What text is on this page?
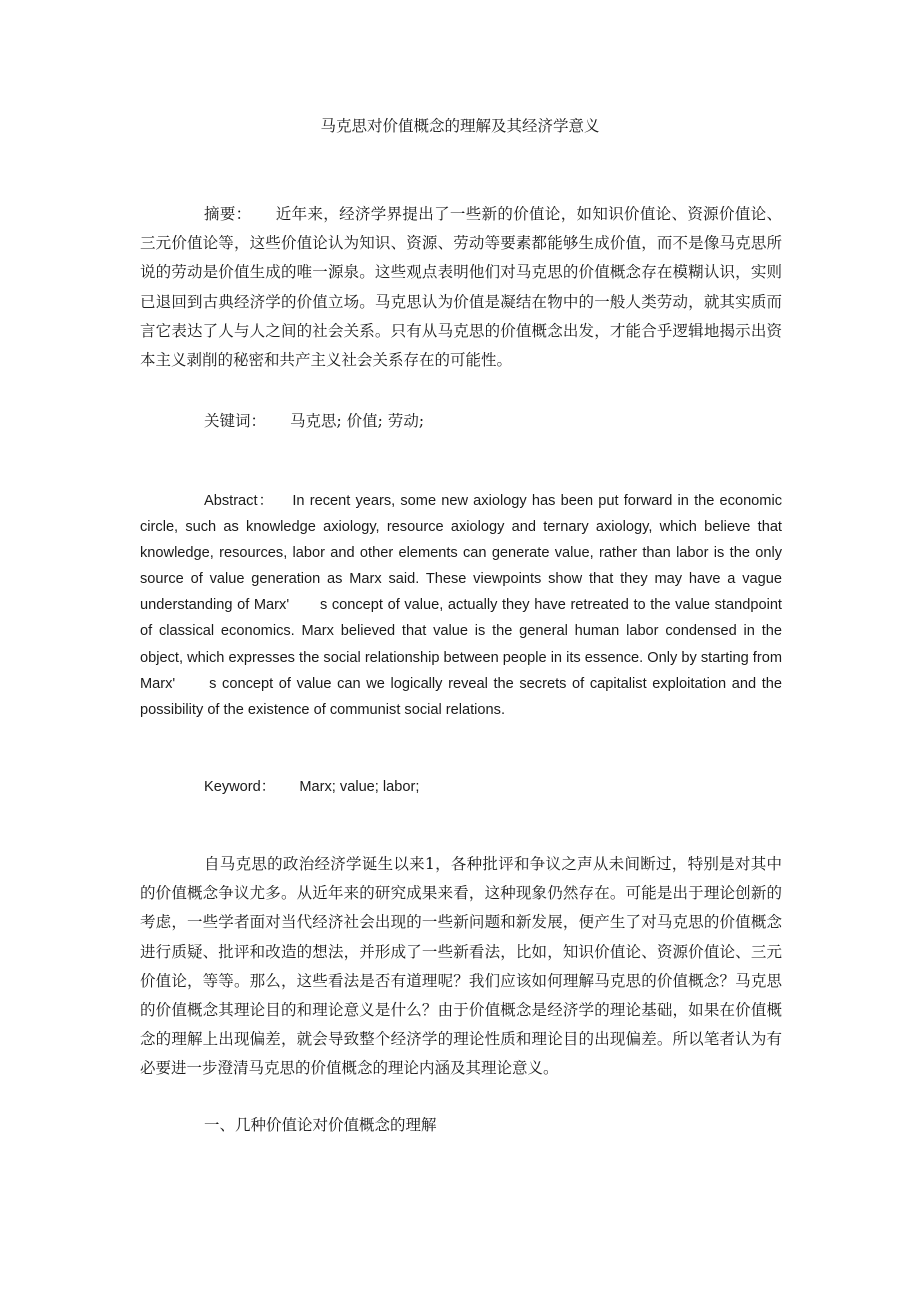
马克思对价值概念的理解及其经济学意义

摘要： 近年来，经济学界提出了一些新的价值论，如知识价值论、资源价值论、三元价值论等，这些价值论认为知识、资源、劳动等要素都能够生成价值，而不是像马克思所说的劳动是价值生成的唯一源泉。这些观点表明他们对马克思的价值概念存在模糊认识，实则已退回到古典经济学的价值立场。马克思认为价值是凝结在物中的一般人类劳动，就其实质而言它表达了人与人之间的社会关系。只有从马克思的价值概念出发，才能合乎逻辑地揭示出资本主义剥削的秘密和共产主义社会关系存在的可能性。

关键词： 马克思; 价值; 劳动;

Abstract： In recent years, some new axiology has been put forward in the economic circle, such as knowledge axiology, resource axiology and ternary axiology, which believe that knowledge, resources, labor and other elements can generate value, rather than labor is the only source of value generation as Marx said. These viewpoints show that they may have a vague understanding of Marx'　　s concept of value, actually they have retreated to the value standpoint of classical economics. Marx believed that value is the general human labor condensed in the object, which expresses the social relationship between people in its essence. Only by starting from Marx'　　s concept of value can we logically reveal the secrets of capitalist exploitation and the possibility of the existence of communist social relations.

Keyword： Marx; value; labor;

自马克思的政治经济学诞生以来1，各种批评和争议之声从未间断过，特别是对其中的价值概念争议尤多。从近年来的研究成果来看，这种现象仍然存在。可能是出于理论创新的考虑，一些学者面对当代经济社会出现的一些新问题和新发展，便产生了对马克思的价值概念进行质疑、批评和改造的想法，并形成了一些新看法，比如，知识价值论、资源价值论、三元价值论，等等。那么，这些看法是否有道理呢？我们应该如何理解马克思的价值概念？马克思的价值概念其理论目的和理论意义是什么？由于价值概念是经济学的理论基础，如果在价值概念的理解上出现偏差，就会导致整个经济学的理论性质和理论目的出现偏差。所以笔者认为有必要进一步澄清马克思的价值概念的理论内涵及其理论意义。

一、几种价值论对价值概念的理解
